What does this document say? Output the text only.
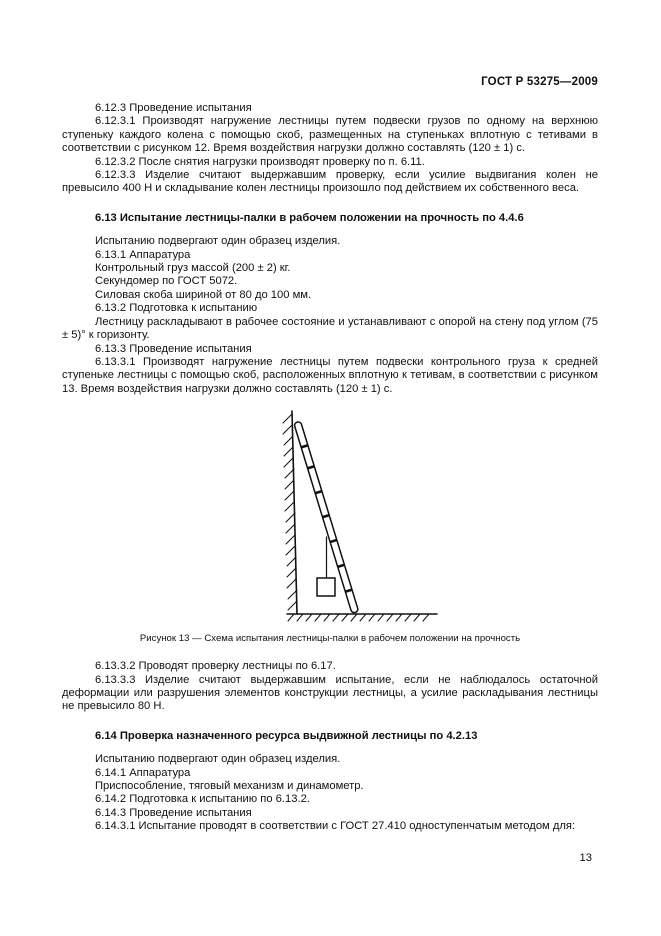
ГОСТ Р 53275—2009

6.12.3 Проведение испытания

6.12.3.1 Производят нагружение лестницы путем подвески грузов по одному на верхнюю ступеньку каждого колена с помощью скоб, размещенных на ступеньках вплотную с тетивами в соответствии с рисунком 12. Время воздействия нагрузки должно составлять (120 ± 1) с.

6.12.3.2 После снятия нагрузки производят проверку по п. 6.11.

6.12.3.3 Изделие считают выдержавшим проверку, если усилие выдвигания колен не превысило 400 Н и складывание колен лестницы произошло под действием их собственного веса.

6.13 Испытание лестницы-палки в рабочем положении на прочность по 4.4.6

Испытанию подвергают один образец изделия.

6.13.1 Аппаратура

Контрольный груз массой (200 ± 2) кг.

Секундомер по ГОСТ 5072.

Силовая скоба шириной от 80 до 100 мм.

6.13.2 Подготовка к испытанию

Лестницу раскладывают в рабочее состояние и устанавливают с опорой на стену под углом (75 ± 5)° к горизонту.

6.13.3 Проведение испытания

6.13.3.1 Производят нагружение лестницы путем подвески контрольного груза к средней ступеньке лестницы с помощью скоб, расположенных вплотную к тетивам, в соответствии с рисунком 13. Время воздействия нагрузки должно составлять (120 ± 1) с.

Рисунок 13 — Схема испытания лестницы-палки в рабочем положении на прочность

6.13.3.2 Проводят проверку лестницы по 6.17.

6.13.3.3 Изделие считают выдержавшим испытание, если не наблюдалось остаточной деформации или разрушения элементов конструкции лестницы, а усилие раскладывания лестницы не превысило 80 Н.

6.14 Проверка назначенного ресурса выдвижной лестницы по 4.2.13

Испытанию подвергают один образец изделия.

6.14.1 Аппаратура

Приспособление, тяговый механизм и динамометр.

6.14.2 Подготовка к испытанию по 6.13.2.

6.14.3 Проведение испытания

6.14.3.1 Испытание проводят в соответствии с ГОСТ 27.410 одноступенчатым методом для:

13
